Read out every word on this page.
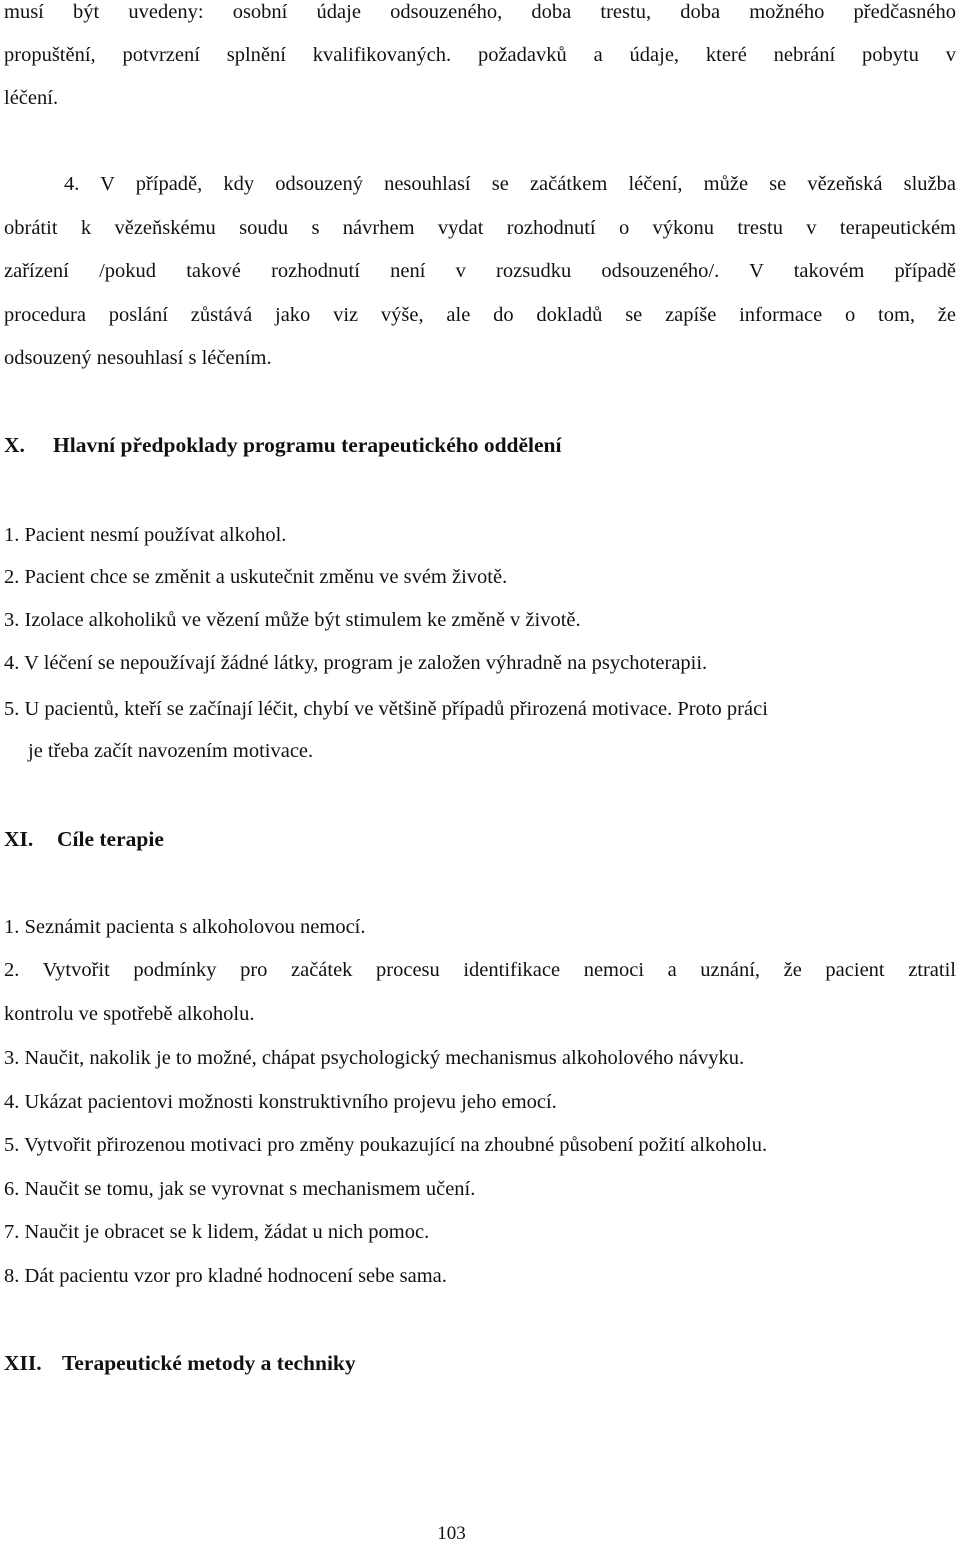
musí být uvedeny: osobní údaje odsouzeného, doba trestu, doba možného předčasného
propuštění, potvrzení splnění kvalifikovaných. požadavků a údaje, které nebrání pobytu v
léčení.
4. V případě, kdy odsouzený nesouhlasí se začátkem léčení, může se vězeňská služba
obrátit k vězeňskému soudu s návrhem vydat rozhodnutí o výkonu trestu v terapeutickém
zařízení /pokud takové rozhodnutí není v rozsudku odsouzeného/. V takovém případě
procedura poslání zůstává jako viz výše, ale do dokladů se zapíše informace o tom, že
odsouzený nesouhlasí s léčením.
X. Hlavní předpoklady programu terapeutického oddělení
1. Pacient nesmí používat alkohol.
2. Pacient chce se změnit a uskutečnit změnu ve svém životě.
3. Izolace alkoholiků ve vězení může být stimulem ke změně v životě.
4. V léčení se nepoužívají žádné látky, program je založen výhradně na psychoterapii.
5. U pacientů, kteří se začínají léčit, chybí ve většině případů přirozená motivace. Proto práci
je třeba začít navozením motivace.
XI. Cíle terapie
1. Seznámit pacienta s alkoholovou nemocí.
2. Vytvořit podmínky pro začátek procesu identifikace nemoci a uznání, že pacient ztratil
kontrolu ve spotřebě alkoholu.
3. Naučit, nakolik je to možné, chápat psychologický mechanismus alkoholového návyku.
4. Ukázat pacientovi možnosti konstruktivního projevu jeho emocí.
5. Vytvořit přirozenou motivaci pro změny poukazující na zhoubné působení požití alkoholu.
6. Naučit se tomu, jak se vyrovnat s mechanismem učení.
7. Naučit je obracet se k lidem, žádat u nich pomoc.
8. Dát pacientu vzor pro kladné hodnocení sebe sama.
XII. Terapeutické metody a techniky
103
